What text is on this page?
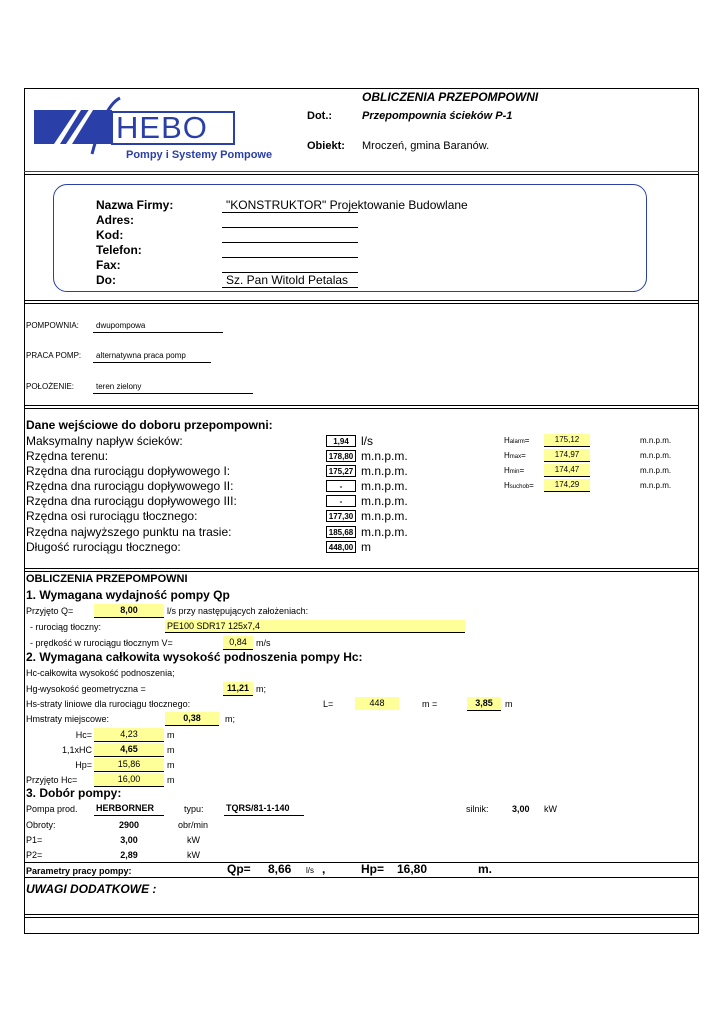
OBLICZENIA PRZEPOMPOWNI
HEBO
Pompy i Systemy Pompowe
Dot.:	Przepompownia ścieków P-1
Obiekt: Mroczeń, gmina Baranów.
Nazwa Firmy:	"KONSTRUKTOR" Projektowanie Budowlane
Adres:
Kod:
Telefon:
Fax:
Do:	Sz. Pan Witold Petalas
POMPOWNIA: dwupompowa
PRACA POMP: alternatywna praca pomp
POŁOŻENIE:	teren zielony
Dane wejściowe do doboru przepompowni:
Maksymalny napływ ścieków:	1,94	l/s
Rzędna terenu:	178,80 m.n.p.m.
Rzędna dna rurociągu dopływowego I:	175,27 m.n.p.m.
Rzędna dna rurociągu dopływowego II:	-	m.n.p.m.
Rzędna dna rurociągu dopływowego III:	-	m.n.p.m.
Rzędna osi rurociągu tłocznego:	177,30 m.n.p.m.
Rzędna najwyższego punktu na trasie:	185,68 m.n.p.m.
Długość rurociągu tłocznego:	448,00 m
Halarm=	175,12	m.n.p.m.
Hmax=	174,97	m.n.p.m.
Hmin=	174,47	m.n.p.m.
Hsuchob=	174,29	m.n.p.m.
OBLICZENIA PRZEPOMPOWNI
1. Wymagana wydajność pompy Qp
Przyjęto Q=	8,00	l/s przy następujących założeniach:
- rurociąg tłoczny:	PE100 SDR17 125x7,4
- prędkość w rurociągu tłocznym V=	0,84	m/s
2. Wymagana całkowita wysokość podnoszenia pompy Hc:
Hc- całkowita wysokość podnoszenia;
Hg- wysokość geometryczna =	11,21 m;
Hs- straty liniowe dla rurociągu tłocznego:	L=	448	m =	3,85	m
Hm-
straty miejscowe:	0,38	m;
Hc=	4,23	m
1,1xHC	4,65	m
Hp=	15,86	m
Przyjęto Hc=	16,00	m
3. Dobór pompy:
Pompa prod. HERBORNER	typu: TQRS/81-1-140	silnik:	3,00 kW
Obroty:	2900	obr/min
P1=	3,00	kW
P2=	2,89	kW
Parametry pracy pompy:	Qp= 8,66 l/s ,	Hp= 16,80	m.
UWAGI DODATKOWE :
